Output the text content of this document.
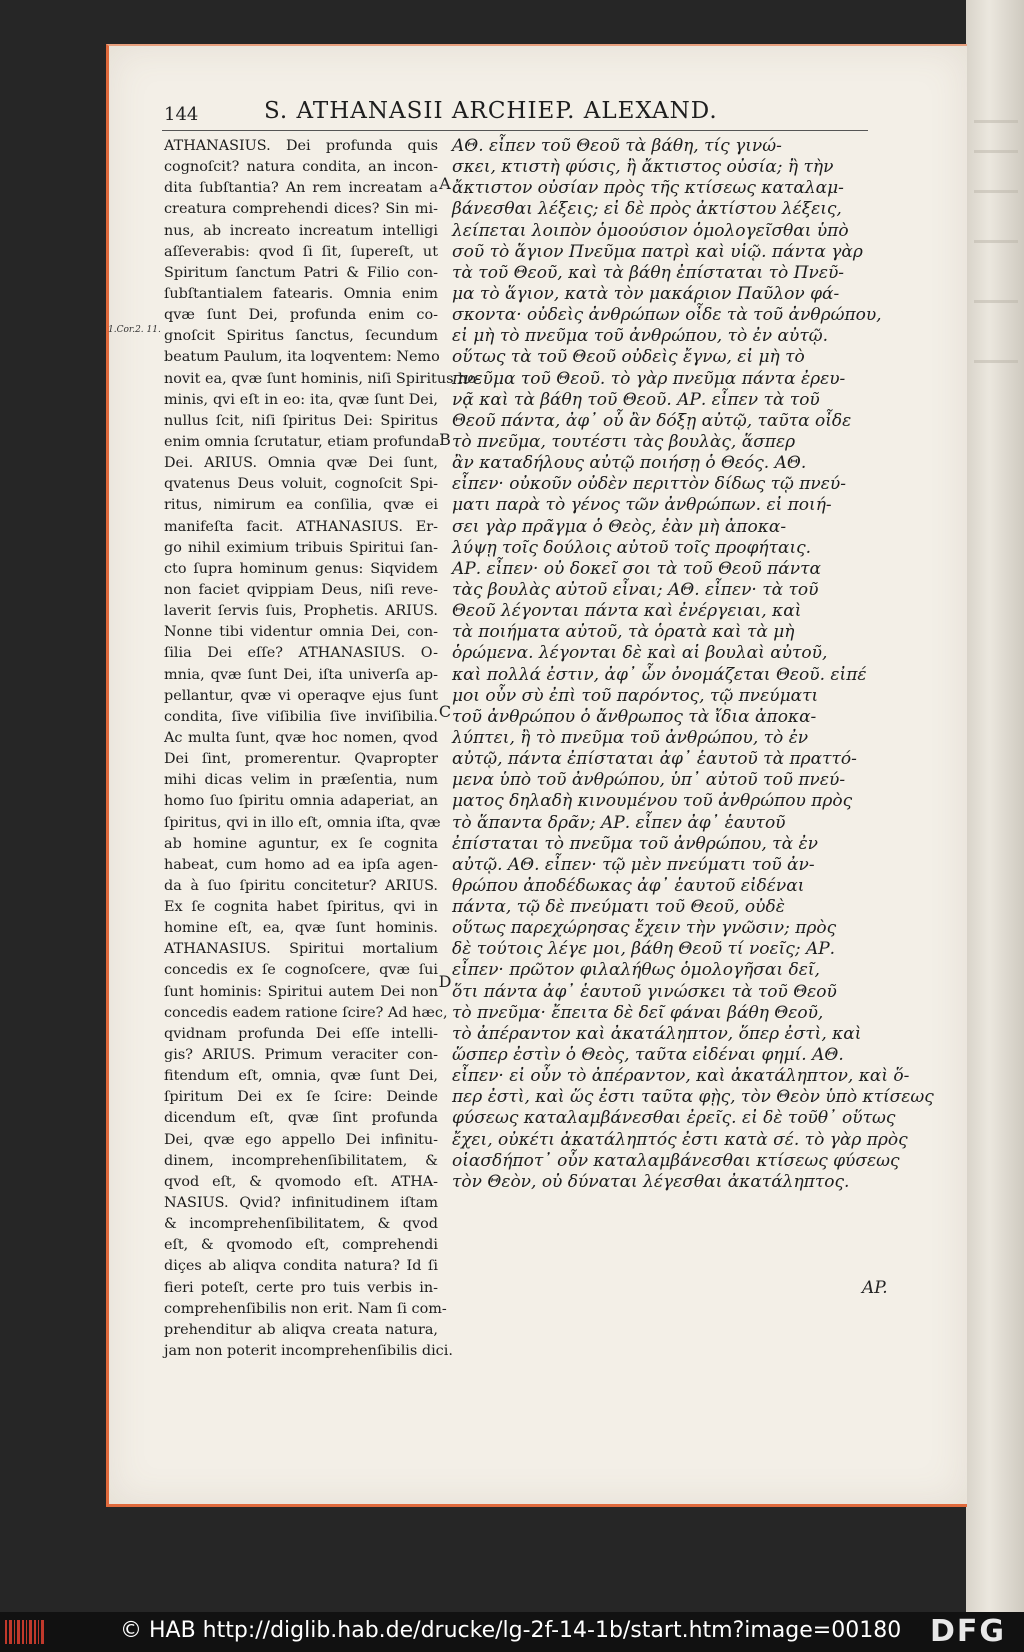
144	S. ATHANASII ARCHIEP. ALEXAND.
1.Cor.2. 11.
ATHANASIUS. Dei profunda quis
cognoſcit? natura condita, an incon-
dita ſubſtantia? An rem increatam a
creatura comprehendi dices? Sin mi-
nus, ab increato increatum intelligi
aſſeverabis: qvod ſi ſit, ſupereſt, ut
Spiritum ſanctum Patri & Filio con-
ſubſtantialem fatearis. Omnia enim
qvæ ſunt Dei, profunda enim co-
gnoſcit Spiritus ſanctus, ſecundum
beatum Paulum, ita loqventem: Nemo
novit ea, qvæ ſunt hominis, niſi Spiritus ho-
minis, qvi eſt in eo: ita, qvæ ſunt Dei,
nullus ſcit, niſi ſpiritus Dei: Spiritus
enim omnia ſcrutatur, etiam profunda
Dei. ARIUS. Omnia qvæ Dei ſunt,
qvatenus Deus voluit, cognoſcit Spi-
ritus, nimirum ea conſilia, qvæ ei
manifeſta facit. ATHANASIUS. Er-
go nihil eximium tribuis Spiritui ſan-
cto ſupra hominum genus: Siqvidem
non faciet qvippiam Deus, niſi reve-
laverit ſervis ſuis, Prophetis. ARIUS.
Nonne tibi videntur omnia Dei, con-
ſilia Dei eſſe? ATHANASIUS. O-
mnia, qvæ ſunt Dei, iſta univerſa ap-
pellantur, qvæ vi operaqve ejus ſunt
condita, ſive viſibilia ſive inviſibilia.
Ac multa ſunt, qvæ hoc nomen, qvod
Dei ſint, promerentur. Qvapropter
mihi dicas velim in præſentia, num
homo ſuo ſpiritu omnia adaperiat, an
ſpiritus, qvi in illo eſt, omnia iſta, qvæ
ab homine aguntur, ex ſe cognita
habeat, cum homo ad ea ipſa agen-
da à ſuo ſpiritu concitetur? ARIUS.
Ex ſe cognita habet ſpiritus, qvi in
homine eſt, ea, qvæ ſunt hominis.
ATHANASIUS. Spiritui mortalium
concedis ex ſe cognoſcere, qvæ ſui
ſunt hominis: Spiritui autem Dei non
concedis eadem ratione ſcire? Ad hæc,
qvidnam profunda Dei eſſe intelli-
gis? ARIUS. Primum veraciter con-
fitendum eſt, omnia, qvæ ſunt Dei,
ſpiritum Dei ex ſe ſcire: Deinde
dicendum eſt, qvæ ſint profunda
Dei, qvæ ego appello Dei infinitu-
dinem, incomprehenſibilitatem, &
qvod eſt, & qvomodo eſt. ATHA-
NASIUS. Qvid? infinitudinem iſtam
& incomprehenſibilitatem, & qvod
eſt, & qvomodo eſt, comprehendi
diçes ab aliqva condita natura? Id ſi
fieri poteſt, certe pro tuis verbis in-
comprehenſibilis non erit. Nam ſi com-
prehenditur ab aliqva creata natura,
jam non poterit incomprehenſibilis dici.
ΑΘ. εἶπεν τοῦ Θεοῦ τὰ βάθη, τίς γινώ-
σκει, κτιστὴ φύσις, ἢ ἄκτιστος οὐσία; ἢ τὴν
ἄκτιστον οὐσίαν πρὸς τῆς κτίσεως καταλαμ-
βάνεσθαι λέξεις; εἰ δὲ πρὸς ἀκτίστου λέξεις,
λείπεται λοιπὸν ὁμοούσιον ὁμολογεῖσθαι ὑπὸ
σοῦ τὸ ἅγιον Πνεῦμα πατρὶ καὶ υἱῷ. πάντα γὰρ
τὰ τοῦ Θεοῦ, καὶ τὰ βάθη ἐπίσταται τὸ Πνεῦ-
μα τὸ ἅγιον, κατὰ τὸν μακάριον Παῦλον φά-
σκοντα· οὐδεὶς ἀνθρώπων οἶδε τὰ τοῦ ἀνθρώπου,
εἰ μὴ τὸ πνεῦμα τοῦ ἀνθρώπου, τὸ ἐν αὐτῷ.
οὕτως τὰ τοῦ Θεοῦ οὐδεὶς ἔγνω, εἰ μὴ τὸ
πνεῦμα τοῦ Θεοῦ. τὸ γὰρ πνεῦμα πάντα ἐρευ-
νᾷ καὶ τὰ βάθη τοῦ Θεοῦ. ΑΡ. εἶπεν τὰ τοῦ
Θεοῦ πάντα, ἀφ᾽ οὗ ἂν δόξῃ αὐτῷ, ταῦτα οἶδε
τὸ πνεῦμα, τουτέστι τὰς βουλὰς, ἅσπερ
ἂν καταδήλους αὐτῷ ποιήσῃ ὁ Θεός. ΑΘ.
εἶπεν· οὐκοῦν οὐδὲν περιττὸν δίδως τῷ πνεύ-
ματι παρὰ τὸ γένος τῶν ἀνθρώπων. εἰ ποιή-
σει γὰρ πρᾶγμα ὁ Θεὸς, ἐὰν μὴ ἀποκα-
λύψῃ τοῖς δούλοις αὐτοῦ τοῖς προφήταις.
ΑΡ. εἶπεν· οὐ δοκεῖ σοι τὰ τοῦ Θεοῦ πάντα
τὰς βουλὰς αὐτοῦ εἶναι; ΑΘ. εἶπεν· τὰ τοῦ
Θεοῦ λέγονται πάντα καὶ ἐνέργειαι, καὶ
τὰ ποιήματα αὐτοῦ, τὰ ὁρατὰ καὶ τὰ μὴ
ὁρώμενα. λέγονται δὲ καὶ αἱ βουλαὶ αὐτοῦ,
καὶ πολλά ἐστιν, ἀφ᾽ ὧν ὀνομάζεται Θεοῦ. εἰπέ
μοι οὖν σὺ ἐπὶ τοῦ παρόντος, τῷ πνεύματι
τοῦ ἀνθρώπου ὁ ἄνθρωπος τὰ ἴδια ἀποκα-
λύπτει, ἢ τὸ πνεῦμα τοῦ ἀνθρώπου, τὸ ἐν
αὐτῷ, πάντα ἐπίσταται ἀφ᾽ ἑαυτοῦ τὰ πραττό-
μενα ὑπὸ τοῦ ἀνθρώπου, ὑπ᾽ αὐτοῦ τοῦ πνεύ-
ματος δηλαδὴ κινουμένου τοῦ ἀνθρώπου πρὸς
τὸ ἅπαντα δρᾶν; ΑΡ. εἶπεν ἀφ᾽ ἑαυτοῦ
ἐπίσταται τὸ πνεῦμα τοῦ ἀνθρώπου, τὰ ἐν
αὐτῷ. ΑΘ. εἶπεν· τῷ μὲν πνεύματι τοῦ ἀν-
θρώπου ἀποδέδωκας ἀφ᾽ ἑαυτοῦ εἰδέναι
πάντα, τῷ δὲ πνεύματι τοῦ Θεοῦ, οὐδὲ
οὕτως παρεχώρησας ἔχειν τὴν γνῶσιν; πρὸς
δὲ τούτοις λέγε μοι, βάθη Θεοῦ τί νοεῖς; ΑΡ.
εἶπεν· πρῶτον φιλαλήθως ὁμολογῆσαι δεῖ,
ὅτι πάντα ἀφ᾽ ἑαυτοῦ γινώσκει τὰ τοῦ Θεοῦ
τὸ πνεῦμα· ἔπειτα δὲ δεῖ φάναι βάθη Θεοῦ,
τὸ ἀπέραντον καὶ ἀκατάληπτον, ὅπερ ἐστὶ, καὶ
ὥσπερ ἐστὶν ὁ Θεὸς, ταῦτα εἰδέναι φημί. ΑΘ.
εἶπεν· εἰ οὖν τὸ ἀπέραντον, καὶ ἀκατάληπτον, καὶ ὅ-
περ ἐστὶ, καὶ ὥς ἐστι ταῦτα φῂς, τὸν Θεὸν ὑπὸ κτίσεως
φύσεως καταλαμβάνεσθαι ἐρεῖς. εἰ δὲ τοῦθ᾽ οὕτως
ἔχει, οὐκέτι ἀκατάληπτός ἐστι κατὰ σέ. τὸ γὰρ πρὸς
οἱασδήποτ᾽ οὖν καταλαμβάνεσθαι κτίσεως φύσεως
τὸν Θεὸν, οὐ δύναται λέγεσθαι ἀκατάληπτος.
A
B
C
D
AP.
© HAB http://diglib.hab.de/drucke/lg-2f-14-1b/start.htm?image=00180 DFG
